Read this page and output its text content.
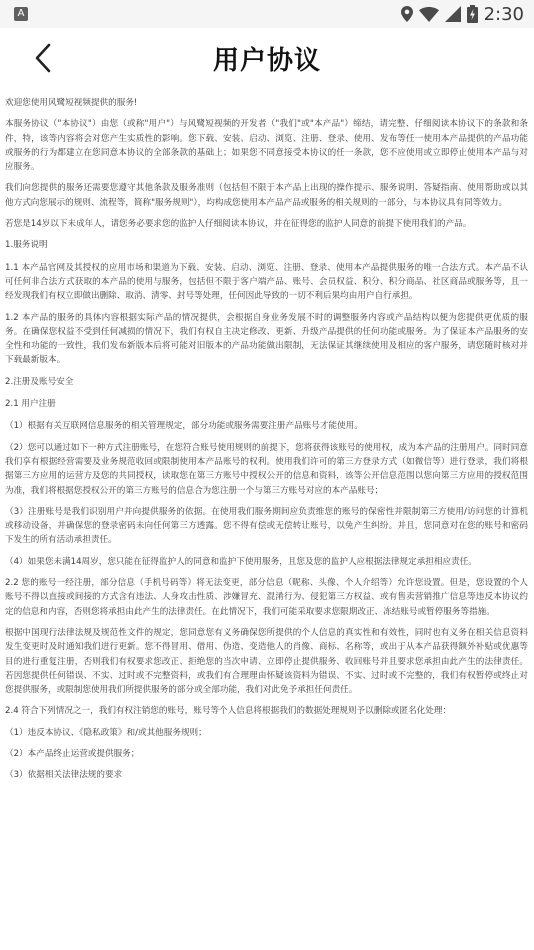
A	2:30
用户协议

欢迎您使用风鹭短视频提供的服务!

本服务协议（"本协议"）由您（或称"用户"）与风鹭短视频的开发者（"我们"或"本产品"）缔结，请完整、仔细阅读本协议下的条款和条件，特，该等内容将会对您产生实质性的影响。您下载、安装、启动、浏览、注册、登录、使用、发布等任一使用本产品提供的产品功能或服务的行为都建立在您同意本协议的全部条款的基础上；如果您不同意接受本协议的任一条款，您不应使用或立即停止使用本产品与对应服务。

我们向您提供的服务还需要您遵守其他条款及服务准则（包括但不限于本产品上出现的操作提示、服务说明、答疑指南、使用帮助或以其他方式向您展示的规则、流程等，简称"服务规则"），均构成您使用本产品产品或服务的相关规则的一部分，与本协议具有同等效力。

若您是14岁以下未成年人，请您务必要求您的监护人仔细阅读本协议，并在征得您的监护人同意的前提下使用我们的产品。

1.服务说明

1.1 本产品官网及其授权的应用市场和渠道为下载、安装、启动、浏览、注册、登录、使用本产品提供服务的唯一合法方式。本产品不认可任何非合法方式获取的本产品的使用与服务，包括但不限于客户端产品、账号、会员权益、积分、积分商品、社区商品或服务等，且一经发现我们有权立即做出删除、取消、清零、封号等处理，任何因此导致的一切不利后果均由用户自行承担。

1.2 本产品的服务的具体内容根据实际产品的情况提供，会根据自身业务发展不时的调整服务内容或产品结构以便为您提供更优质的服务。在确保您权益不受到任何减损的情况下，我们有权自主决定修改、更新、升级产品提供的任何功能或服务。为了保证本产品服务的安全性和功能的一致性，我们发布新版本后将可能对旧版本的产品功能做出限制，无法保证其继续使用及相应的客户服务，请您随时核对并下载最新版本。

2.注册及账号安全

2.1 用户注册

（1）根据有关互联网信息服务的相关管理规定，部分功能或服务需要注册产品账号才能使用。

（2）您可以通过如下一种方式注册账号，在您符合账号使用规则的前提下，您将获得该账号的使用权，成为本产品的注册用户。同时同意我们享有根据经营需要及业务规范收回或限制使用本产品账号的权利。使用我们许可的第三方登录方式（如微信等）进行登录，我们将根据第三方应用的运营方及您的共同授权，读取您在第三方账号中授权公开的信息和资料，该等公开信息范围以您向第三方应用的授权范围为准，我们将根据您授权公开的第三方账号的信息合为您注册一个与第三方账号对应的本产品账号；

（3）注册账号是我们识别用户并向提供服务的依据。在使用我们服务期间应负责维您的账号的保密性并限制第三方使用/访问您的计算机或移动设备，并确保您的登录密码未向任何第三方透露。您不得有偿或无偿转让账号，以免产生纠纷。并且，您同意对在您的账号和密码下发生的所有活动承担责任。

（4）如果您未满14周岁，您只能在征得监护人的同意和监护下使用服务，且您及您的监护人应根据法律规定承担相应责任。

2.2 您的账号一经注册，部分信息（手机号码等）将无法变更，部分信息（昵称、头像、个人介绍等）允许您设置。但是，您设置的个人账号不得以直接或间接的方式含有违法、人身攻击性质、涉嫌冒充、混淆行为、侵犯第三方权益、或有售卖营销推广信息等违反本协议约定的信息和内容，否则您将承担由此产生的法律责任。在此情况下，我们可能采取要求您限期改正、冻结账号或暂停服务等措施。

根据中国现行法律法规及规范性文件的规定，您同意您有义务确保您所提供的个人信息的真实性和有效性，同时也有义务在相关信息资料发生变更时及时通知我们进行更新。您不得冒用、借用、伪造、变造他人的肖像、商标、名称等，或出于从本产品获得额外补贴或优惠等目的进行重复注册，否则我们有权要求您改正、拒绝您的当次申请、立即停止提供服务、收回账号并且要求您承担由此产生的法律责任。若因您提供任何错误、不实、过时或不完整资料，或我们有合理理由怀疑该资料为错误、不实、过时或不完整的，我们有权暂停或终止对您提供服务，或限制您使用我们所提供服务的部分或全部功能，我们对此免予承担任何责任。

2.4 符合下列情况之一，我们有权注销您的账号，账号等个人信息将根据我们的数据处理规则予以删除或匿名化处理：

（1）违反本协议、《隐私政策》和/或其他服务规则；

（2）本产品终止运营或提供服务；

（3）依据相关法律法规的要求
